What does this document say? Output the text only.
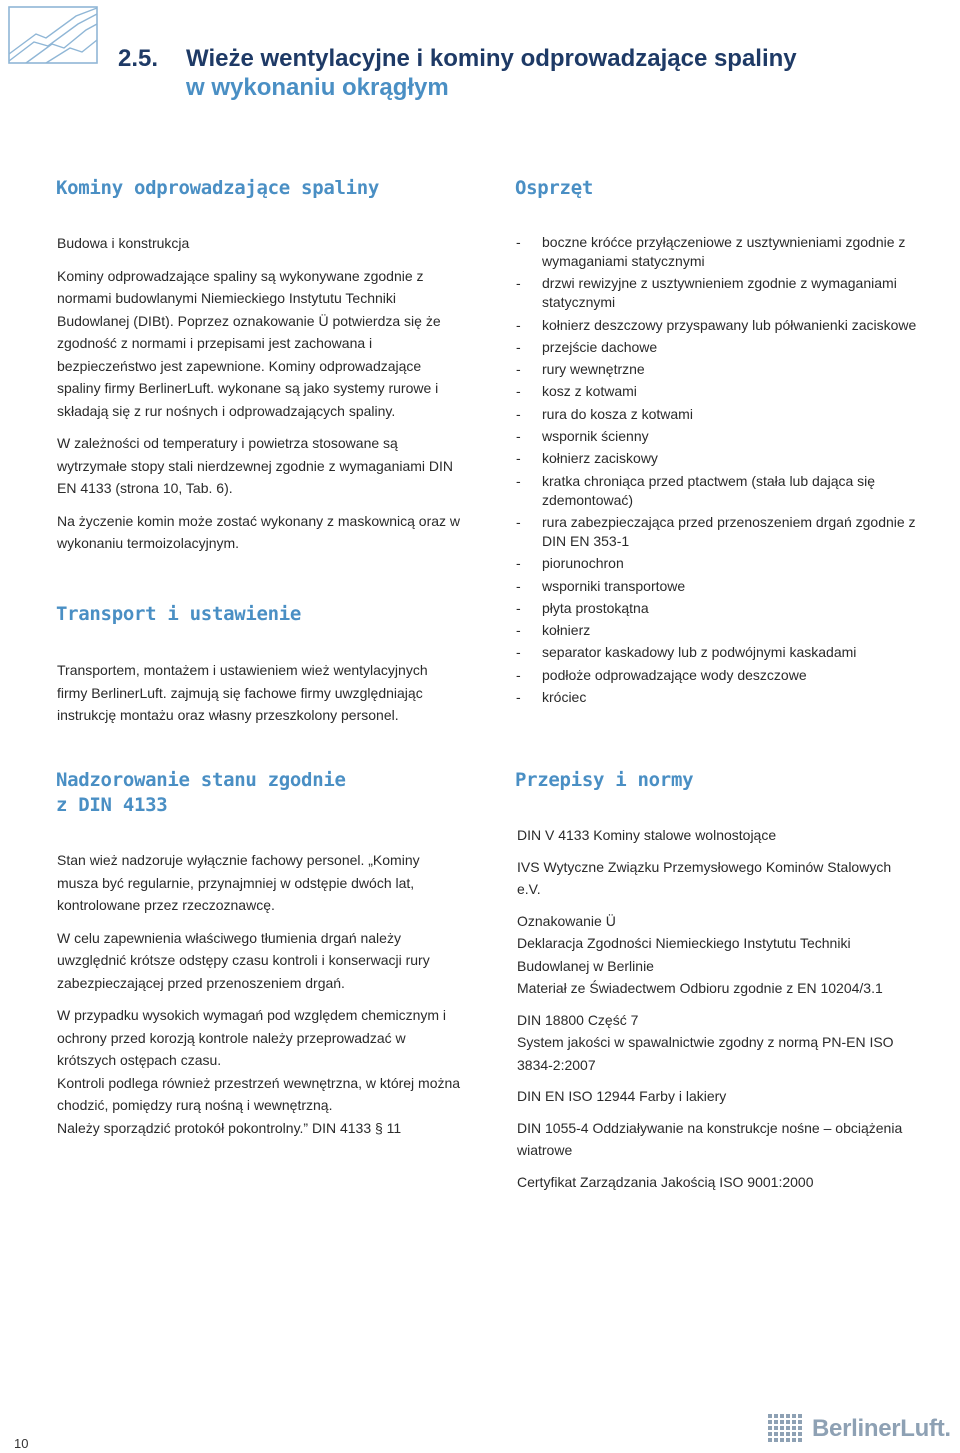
2.5. Wieże wentylacyjne i kominy odprowadzające spaliny
w wykonaniu okrągłym
Kominy odprowadzające spaliny

Budowa i konstrukcja

Kominy odprowadzające spaliny są wykonywane zgodnie z normami budowlanymi Niemieckiego Instytutu Techniki Budowlanej (DIBt). Poprzez oznakowanie Ü potwierdza się że zgodność z normami i przepisami jest zachowana i bezpieczeństwo jest zapewnione. Kominy odprowadzające spaliny firmy BerlinerLuft. wykonane są jako systemy rurowe i składają się z rur nośnych i odprowadzających spaliny.

W zależności od temperatury i powietrza stosowane są wytrzymałe stopy stali nierdzewnej zgodnie z wymaganiami DIN EN 4133 (strona 10, Tab. 6).

Na życzenie komin może zostać wykonany z maskownicą oraz w wykonaniu termoizolacyjnym.

Transport i ustawienie

Transportem, montażem i ustawieniem wież wentylacyjnych firmy BerlinerLuft. zajmują się fachowe firmy uwzględniając instrukcję montażu oraz własny przeszkolony personel.

Nadzorowanie stanu zgodnie
z DIN 4133

Stan wież nadzoruje wyłącznie fachowy personel. „Kominy musza być regularnie, przynajmniej w odstępie dwóch lat, kontrolowane przez rzeczoznawcę.

W celu zapewnienia właściwego tłumienia drgań należy uwzględnić krótsze odstępy czasu kontroli i konserwacji rury zabezpieczającej przed przenoszeniem drgań.

W przypadku wysokich wymagań pod względem chemicznym i ochrony przed korozją kontrole należy przeprowadzać w krótszych ostępach czasu.

Kontroli podlega również przestrzeń wewnętrzna, w której można chodzić, pomiędzy rurą nośną i wewnętrzną.

Należy sporządzić protokół pokontrolny.” DIN 4133 § 11

Osprzęt
- boczne króćce przyłączeniowe z usztywnieniami zgodnie z wymaganiami statycznymi
- drzwi rewizyjne z usztywnieniem zgodnie z wymaganiami statycznymi
- kołnierz deszczowy przyspawany lub półwanienki zaciskowe
- przejście dachowe
- rury wewnętrzne
- kosz z kotwami
- rura do kosza z kotwami
- wspornik ścienny
- kołnierz zaciskowy
- kratka chroniąca przed ptactwem (stała lub dająca się zdemontować)
- rura zabezpieczająca przed przenoszeniem drgań zgodnie z DIN EN 353-1
- piorunochron
- wsporniki transportowe
- płyta prostokątna
- kołnierz
- separator kaskadowy lub z podwójnymi kaskadami
- podłoże odprowadzające wody deszczowe
- króciec
Przepisy i normy

DIN V 4133 Kominy stalowe wolnostojące

IVS Wytyczne Związku Przemysłowego Kominów Stalowych e.V.

Oznakowanie Ü

Deklaracja Zgodności Niemieckiego Instytutu Techniki Budowlanej w Berlinie

Materiał ze Świadectwem Odbioru zgodnie z EN 10204/3.1

DIN 18800 Część 7

System jakości w spawalnictwie zgodny z normą PN-EN ISO 3834-2:2007

DIN EN ISO 12944 Farby i lakiery

DIN 1055-4 Oddziaływanie na konstrukcje nośne – obciążenia wiatrowe

Certyfikat Zarządzania Jakością ISO 9001:2000

10
BerlinerLuft.
